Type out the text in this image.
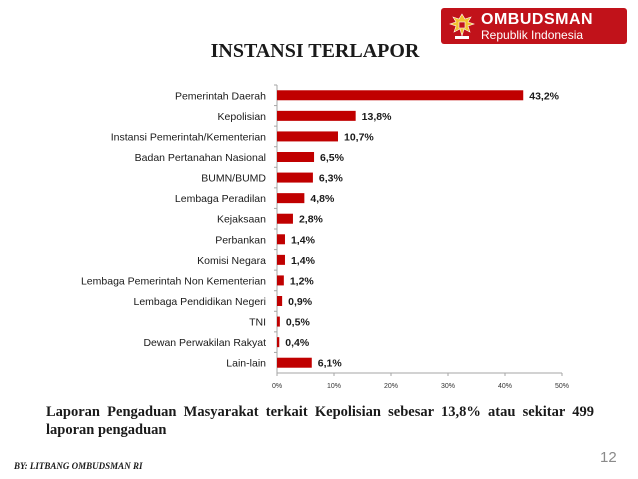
OMBUDSMAN
Republik Indonesia
INSTANSI TERLAPOR
0%	10%	20%	30%	40%	50%
Pemerintah Daerah	43,2%
Kepolisian	13,8%
Instansi Pemerintah/Kementerian	10,7%
Badan Pertanahan Nasional	6,5%
BUMN/BUMD	6,3%
Lembaga Peradilan	4,8%
Kejaksaan	2,8%
Perbankan 1,4%
Komisi Negara 1,4%
Lembaga Pemerintah Non Kementerian 1,2%
Lembaga Pendidikan Negeri 0,9%
TNI 0,5%
Dewan Perwakilan Rakyat 0,4%
Lain-lain	6,1%
Laporan Pengaduan Masyarakat terkait Kepolisian sebesar 13,8% atau sekitar 499 laporan pengaduan
BY: LITBANG OMBUDSMAN RI	12
